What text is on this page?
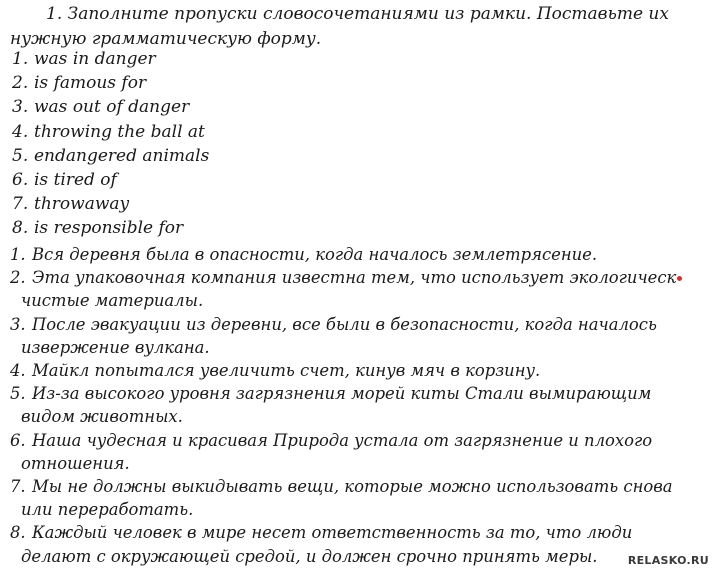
1. Заполните пропуски словосочетаниями из рамки. Поставьте их нужную грамматическую форму.

1. was in danger
2. is famous for
3. was out of danger
4. throwing the ball at
5. endangered animals
6. is tired of
7. throwaway
8. is responsible for
1. Вся деревня была в опасности, когда началось землетрясение.
2. Эта упаковочная компания известна тем, что использует экологическ
чистые материалы.
3. После эвакуации из деревни, все были в безопасности, когда началось
извержение вулкана.
4. Майкл попытался увеличить счет, кинув мяч в корзину.
5. Из-за высокого уровня загрязнения морей киты Стали вымирающим
видом животных.
6. Наша чудесная и красивая Природа устала от загрязнение и плохого
отношения.
7. Мы не должны выкидывать вещи, которые можно использовать снова
или переработать.
8. Каждый человек в мире несет ответственность за то, что люди
делают с окружающей средой, и должен срочно принять меры.	RELASKO.RU
